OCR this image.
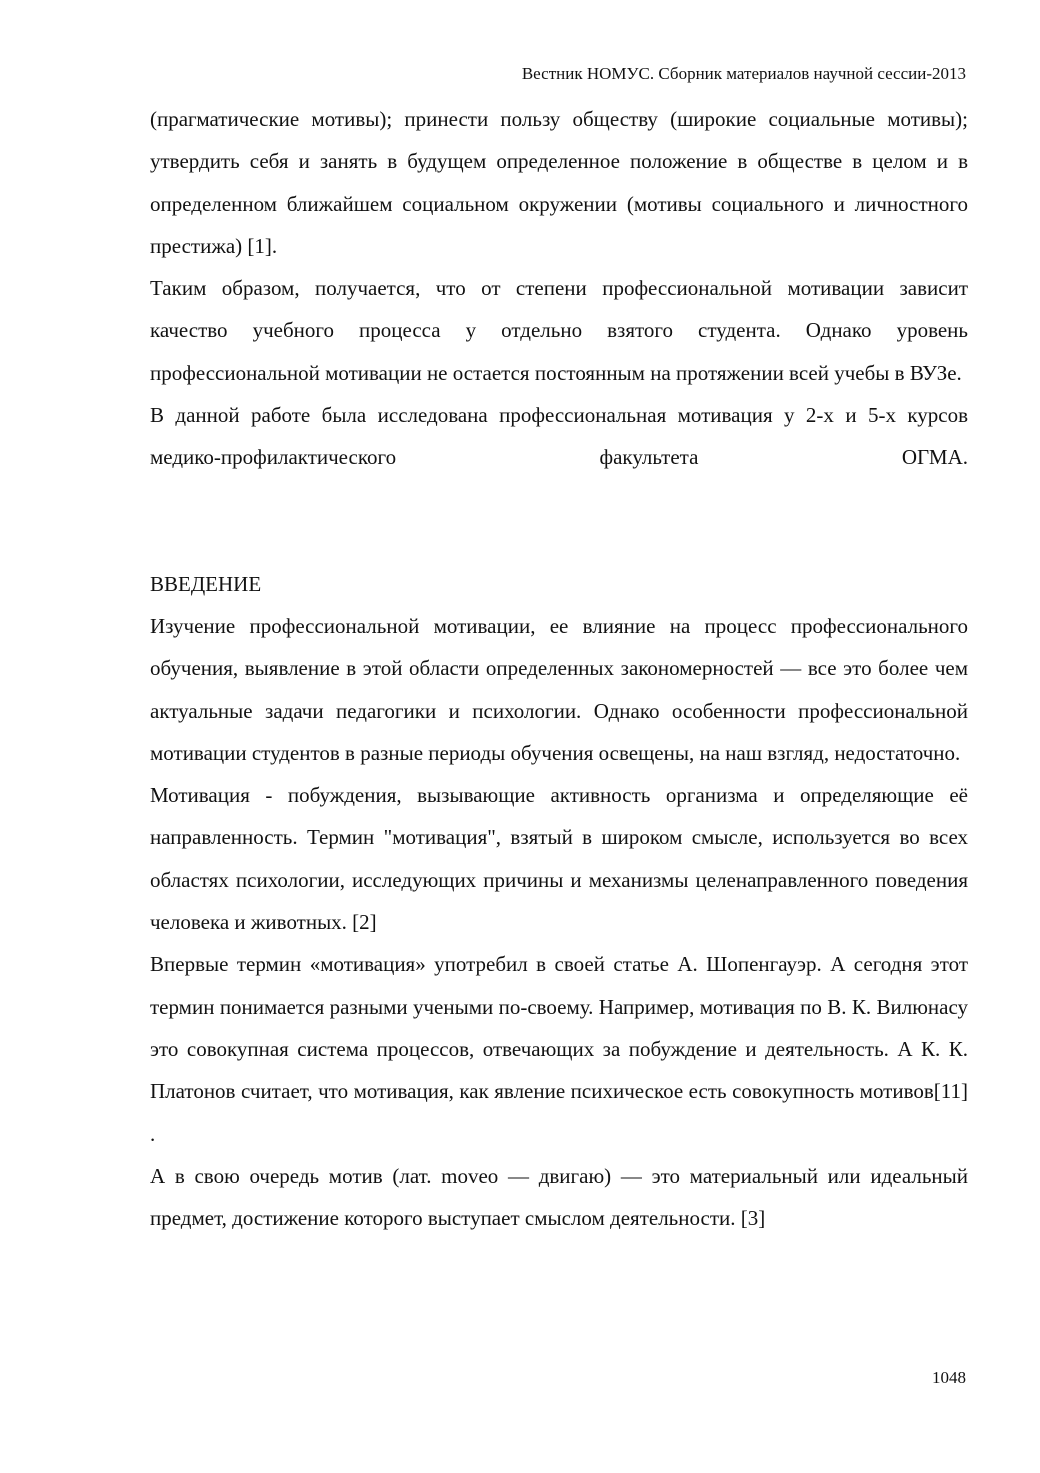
Вестник НОМУС. Сборник материалов научной сессии-2013

(прагматические мотивы); принести пользу обществу (широкие социальные мотивы); утвердить себя и занять в будущем определенное положение в обществе в целом и в определенном ближайшем социальном окружении (мотивы социального и личностного престижа) [1].

Таким образом, получается, что от степени профессиональной мотивации зависит качество учебного процесса у отдельно взятого студента. Однако уровень профессиональной мотивации не остается постоянным на протяжении всей учебы в ВУЗе.

В данной работе была исследована профессиональная мотивация у 2-х и 5-х курсов медико-профилактического факультета ОГМА.

ВВЕДЕНИЕ

Изучение профессиональной мотивации, ее влияние на процесс профессионального обучения, выявление в этой области определенных закономерностей — все это более чем актуальные задачи педагогики и психологии. Однако особенности профессиональной мотивации студентов в разные периоды обучения освещены, на наш взгляд, недостаточно.

Мотивация - побуждения, вызывающие активность организма и определяющие её направленность. Термин "мотивация", взятый в широком смысле, используется во всех областях психологии, исследующих причины и механизмы целенаправленного поведения человека и животных. [2]

Впервые термин «мотивация» употребил в своей статье А. Шопенгауэр. А сегодня этот термин понимается разными учеными по-своему. Например, мотивация по В. К. Вилюнасу это совокупная система процессов, отвечающих за побуждение и деятельность. А К. К. Платонов считает, что мотивация, как явление психическое есть совокупность мотивов[11] .

А в свою очередь мотив (лат. moveo — двигаю) — это материальный или идеальный предмет, достижение которого выступает смыслом деятельности. [3]

1048
